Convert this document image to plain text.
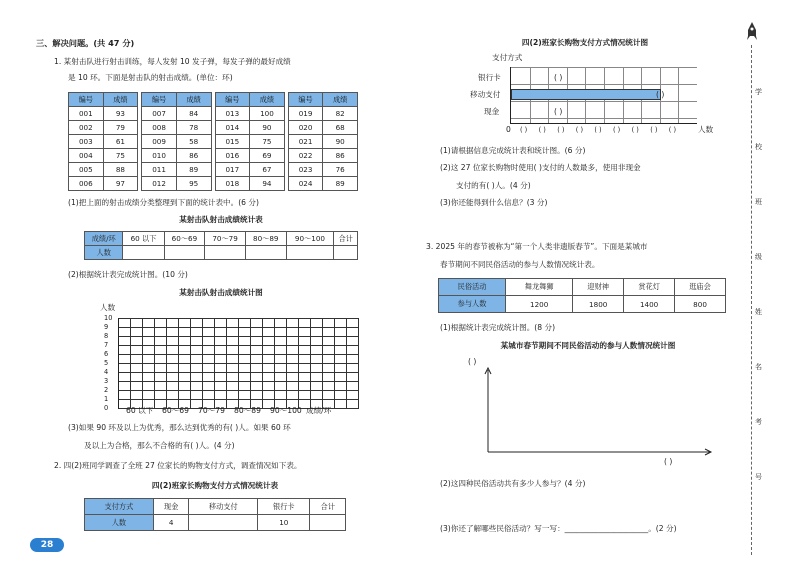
三、解决问题。(共 47 分)
1. 某射击队进行射击训练，每人发射 10 发子弹，每发子弹的最好成绩
是 10 环。下面是射击队的射击成绩。(单位：环)
编号	成绩		编号	成绩		编号	成绩		编号	成绩
001	93		007	84		013	100		019	82
002	79		008	78		014	90		020	68
003	61		009	58		015	75		021	90
004	75		010	86		016	69		022	86
005	88		011	89		017	67		023	76
006	97		012	95		018	94		024	89
(1)把上面的射击成绩分类整理到下面的统计表中。(6 分)
某射击队射击成绩统计表
成绩/环	60 以下	60～69	70～79	80～89	90～100	合计
人数						
(2)根据统计表完成统计图。(10 分)
某射击队射击成绩统计图
人数
10
9
8
7
6
5
4
3
2
1
0 60 以下 60～69 70～79 80～89 90～100 成绩/环
(3)如果 90 环及以上为优秀，那么达到优秀的有( )人。如果 60 环
及以上为合格，那么不合格的有( )人。(4 分)
2. 四(2)班同学调查了全班 27 位家长的购物支付方式，调查情况如下表。
四(2)班家长购物支付方式情况统计表
支付方式	现金	移动支付	银行卡	合计
人数	4		10	
28
四(2)班家长购物支付方式情况统计图
支付方式
银行卡
移动支付
现金
( )
( )
( )
0 ( ) ( ) ( ) ( ) ( ) ( ) ( ) ( ) ( )	人数
(1)请根据信息完成统计表和统计图。(6 分)
(2)这 27 位家长购物时使用( )支付的人数最多，使用非现金
支付的有( )人。(4 分)
(3)你还能得到什么信息？(3 分)
3. 2025 年的春节被称为“第一个人类非遗版春节”。下面是某城市
春节期间不同民俗活动的参与人数情况统计表。
民俗活动	舞龙舞狮	迎财神	赏花灯	逛庙会
参与人数	1200	1800	1400	800
(1)根据统计表完成统计图。(8 分)
某城市春节期间不同民俗活动的参与人数情况统计图
( )
( )
(2)这四种民俗活动共有多少人参与？(4 分)
(3)你还了解哪些民俗活动？写一写：______________________。(2 分)
学
校
班
级
姓
名
考
号
